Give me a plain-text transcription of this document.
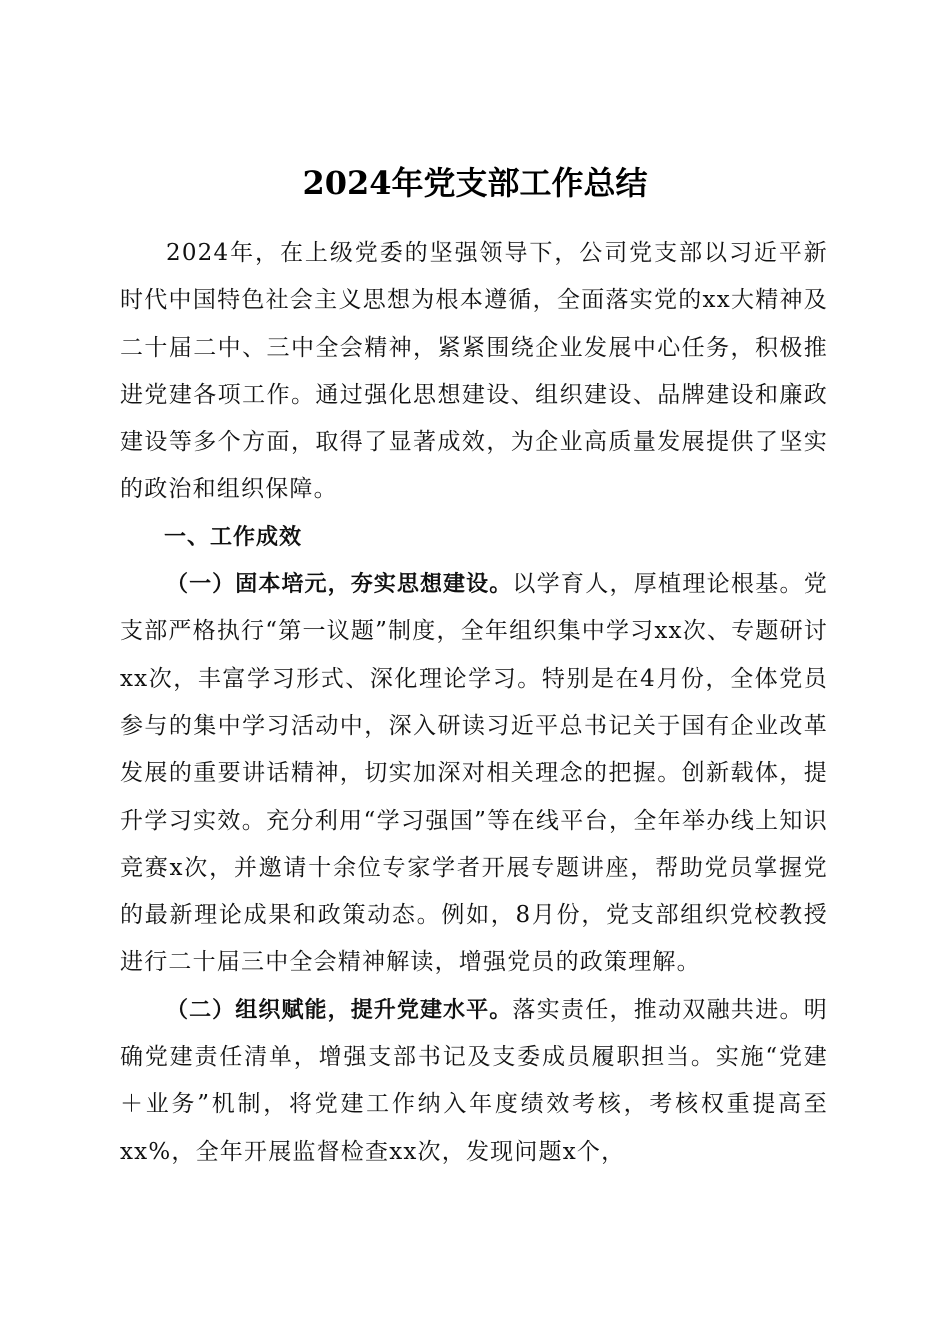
2024年党支部工作总结

2024年，在上级党委的坚强领导下，公司党支部以习近平新时代中国特色社会主义思想为根本遵循，全面落实党的xx大精神及二十届二中、三中全会精神，紧紧围绕企业发展中心任务，积极推进党建各项工作。通过强化思想建设、组织建设、品牌建设和廉政建设等多个方面，取得了显著成效，为企业高质量发展提供了坚实的政治和组织保障。

一、工作成效

（一）固本培元，夯实思想建设。以学育人，厚植理论根基。党支部严格执行“第一议题”制度，全年组织集中学习xx次、专题研讨xx次，丰富学习形式、深化理论学习。特别是在4月份，全体党员参与的集中学习活动中，深入研读习近平总书记关于国有企业改革发展的重要讲话精神，切实加深对相关理念的把握。创新载体，提升学习实效。充分利用“学习强国”等在线平台，全年举办线上知识竞赛x次，并邀请十余位专家学者开展专题讲座，帮助党员掌握党的最新理论成果和政策动态。例如，8月份，党支部组织党校教授进行二十届三中全会精神解读，增强党员的政策理解。

（二）组织赋能，提升党建水平。落实责任，推动双融共进。明确党建责任清单，增强支部书记及支委成员履职担当。实施“党建＋业务”机制，将党建工作纳入年度绩效考核，考核权重提高至xx%，全年开展监督检查xx次，发现问题x个，
